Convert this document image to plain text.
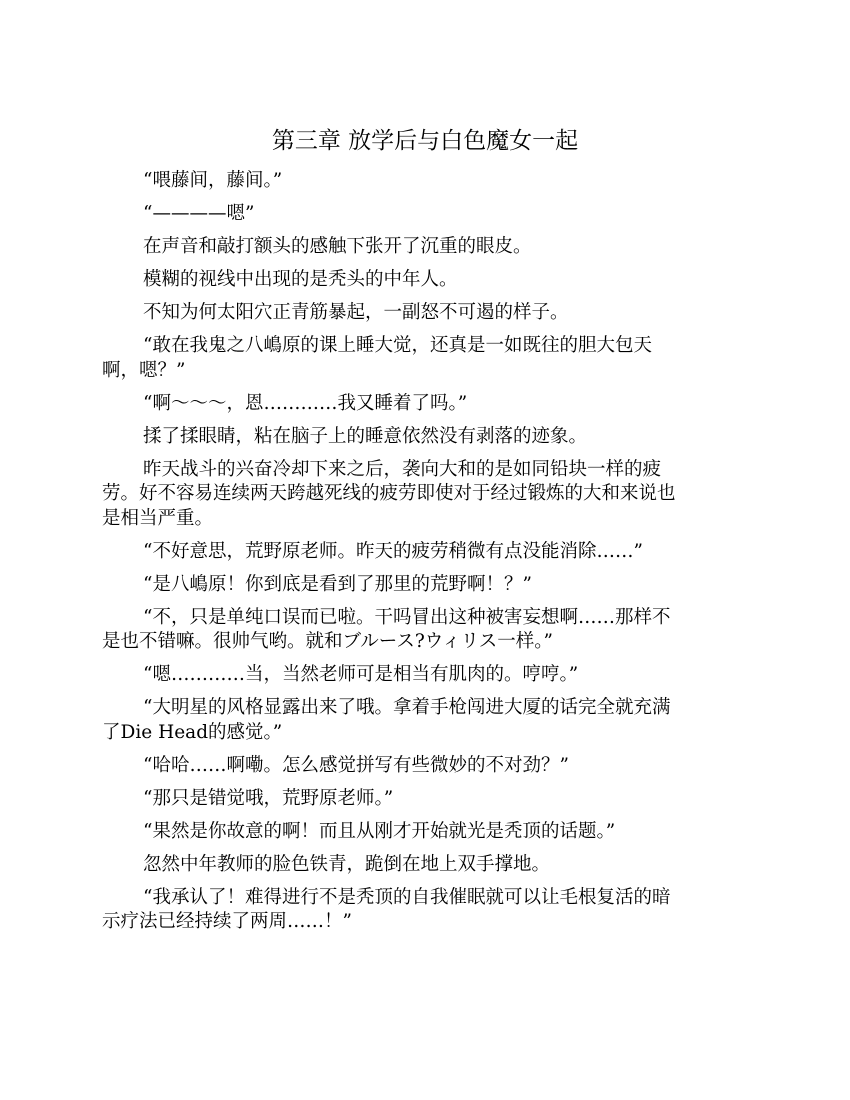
第三章 放学后与白色魔女一起

“喂藤间，藤间。”

“————嗯”

在声音和敲打额头的感触下张开了沉重的眼皮。

模糊的视线中出现的是秃头的中年人。

不知为何太阳穴正青筋暴起，一副怒不可遏的样子。

“敢在我鬼之八嶋原的课上睡大觉，还真是一如既往的胆大包天
啊，嗯？”

“啊～～～，恩…………我又睡着了吗。”

揉了揉眼睛，粘在脑子上的睡意依然没有剥落的迹象。

昨天战斗的兴奋冷却下来之后，袭向大和的是如同铅块一样的疲
劳。好不容易连续两天跨越死线的疲劳即使对于经过锻炼的大和来说也
是相当严重。

“不好意思，荒野原老师。昨天的疲劳稍微有点没能消除……”

“是八嶋原！你到底是看到了那里的荒野啊！？”

“不，只是单纯口误而已啦。干吗冒出这种被害妄想啊……那样不
是也不错嘛。很帅气哟。就和ブルース?ウィリス一样。”

“嗯…………当，当然老师可是相当有肌肉的。哼哼。”

“大明星的风格显露出来了哦。拿着手枪闯进大厦的话完全就充满
了Die Head的感觉。”

“哈哈……啊嘞。怎么感觉拼写有些微妙的不对劲？”

“那只是错觉哦，荒野原老师。”

“果然是你故意的啊！而且从刚才开始就光是秃顶的话题。”

忽然中年教师的脸色铁青，跪倒在地上双手撑地。

“我承认了！难得进行不是秃顶的自我催眠就可以让毛根复活的暗
示疗法已经持续了两周……！”
